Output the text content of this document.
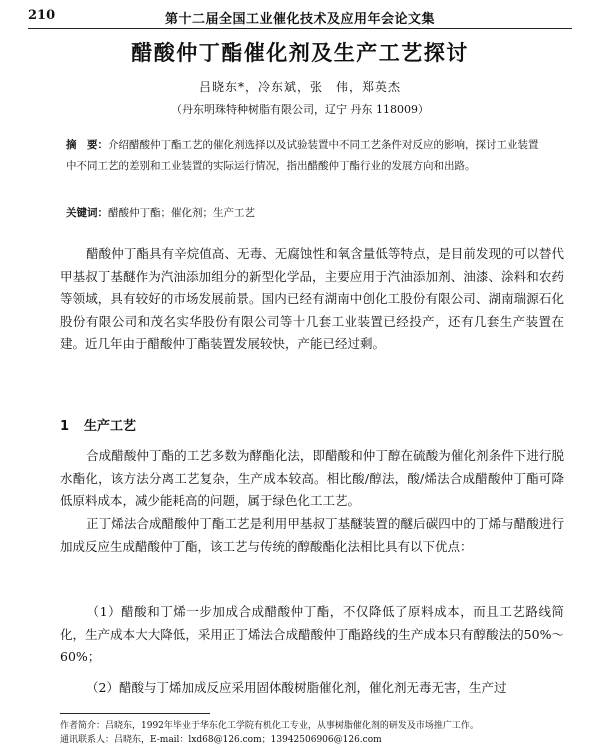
210	第十二届全国工业催化技术及应用年会论文集
醋酸仲丁酯催化剂及生产工艺探讨
吕晓东*，冷东斌，张　伟，郑英杰
（丹东明珠特种树脂有限公司，辽宁 丹东 118009）
摘　要：介绍醋酸仲丁酯工艺的催化剂选择以及试验装置中不同工艺条件对反应的影响，探讨工业装置中不同工艺的差别和工业装置的实际运行情况，指出醋酸仲丁酯行业的发展方向和出路。
关键词：醋酸仲丁酯；催化剂；生产工艺
醋酸仲丁酯具有辛烷值高、无毒、无腐蚀性和氧含量低等特点，是目前发现的可以替代甲基叔丁基醚作为汽油添加组分的新型化学品，主要应用于汽油添加剂、油漆、涂料和农药等领域，具有较好的市场发展前景。国内已经有湖南中创化工股份有限公司、湖南瑞源石化股份有限公司和茂名实华股份有限公司等十几套工业装置已经投产，还有几套生产装置在建。近几年由于醋酸仲丁酯装置发展较快，产能已经过剩。
1 生产工艺
合成醋酸仲丁酯的工艺多数为酵酯化法，即醋酸和仲丁醇在硫酸为催化剂条件下进行脱水酯化，该方法分离工艺复杂，生产成本较高。相比酸/醇法，酸/烯法合成醋酸仲丁酯可降低原料成本，减少能耗高的问题，属于绿色化工工艺。
正丁烯法合成醋酸仲丁酯工艺是利用甲基叔丁基醚装置的醚后碳四中的丁烯与醋酸进行加成反应生成醋酸仲丁酯，该工艺与传统的醇酸酯化法相比具有以下优点：
（1）醋酸和丁烯一步加成合成醋酸仲丁酯，不仅降低了原料成本，而且工艺路线简化，生产成本大大降低，采用正丁烯法合成醋酸仲丁酯路线的生产成本只有醇酸法的50%～60%；
（2）醋酸与丁烯加成反应采用固体酸树脂催化剂，催化剂无毒无害，生产过
作者简介：吕晓东，1992年毕业于华东化工学院有机化工专业，从事树脂催化剂的研发及市场推广工作。
通讯联系人：吕晓东，E-mail：lxd68@126.com；13942506906@126.com
